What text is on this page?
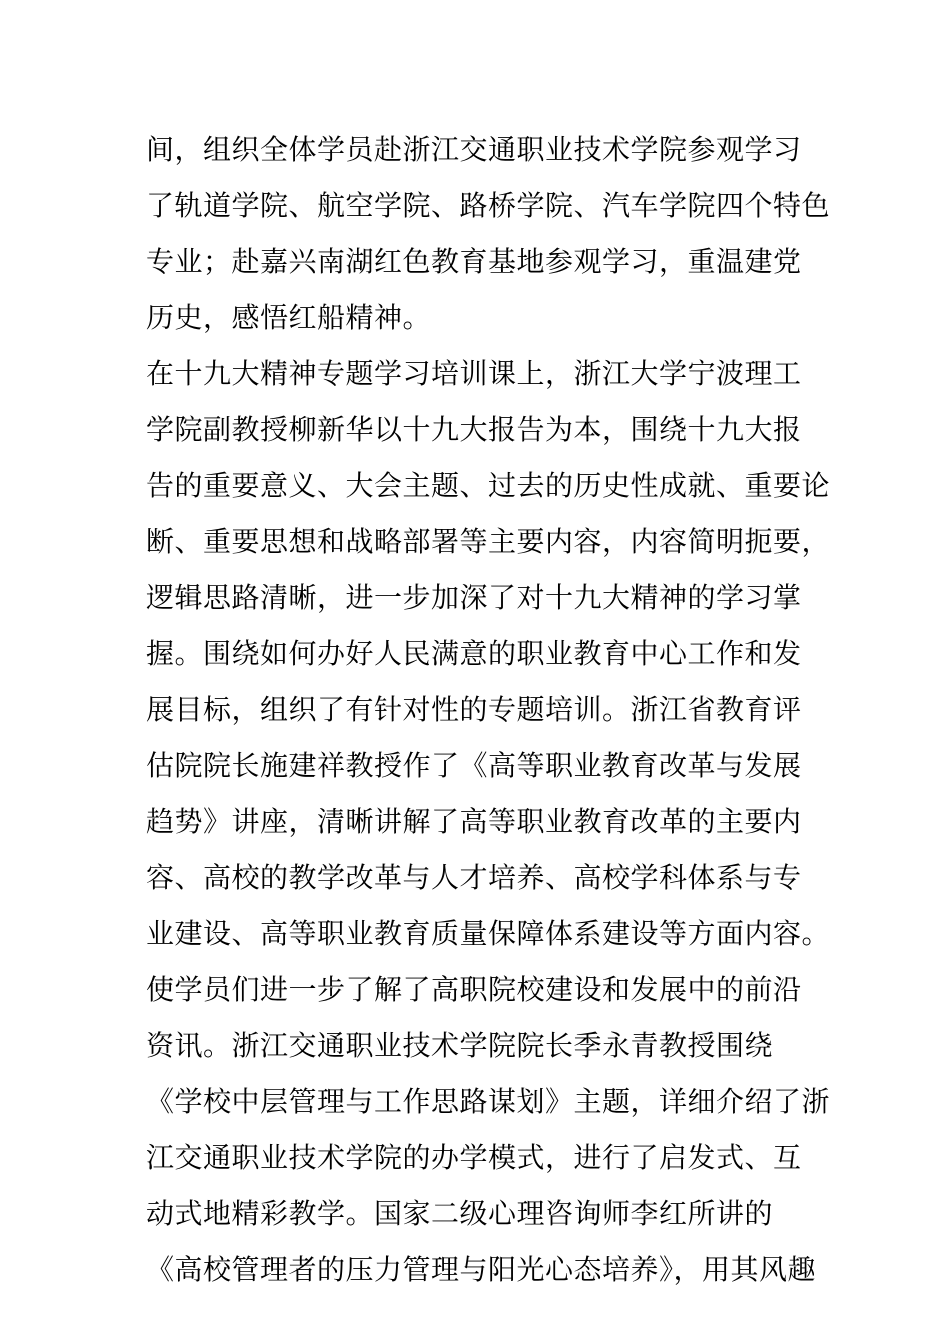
间，组织全体学员赴浙江交通职业技术学院参观学习
了轨道学院、航空学院、路桥学院、汽车学院四个特色
专业；赴嘉兴南湖红色教育基地参观学习，重温建党
历史，感悟红船精神。
在十九大精神专题学习培训课上，浙江大学宁波理工
学院副教授柳新华以十九大报告为本，围绕十九大报
告的重要意义、大会主题、过去的历史性成就、重要论
断、重要思想和战略部署等主要内容，内容简明扼要，
逻辑思路清晰，进一步加深了对十九大精神的学习掌
握。围绕如何办好人民满意的职业教育中心工作和发
展目标，组织了有针对性的专题培训。浙江省教育评
估院院长施建祥教授作了《高等职业教育改革与发展
趋势》讲座，清晰讲解了高等职业教育改革的主要内
容、高校的教学改革与人才培养、高校学科体系与专
业建设、高等职业教育质量保障体系建设等方面内容。
使学员们进一步了解了高职院校建设和发展中的前沿
资讯。浙江交通职业技术学院院长季永青教授围绕
《学校中层管理与工作思路谋划》主题，详细介绍了浙
江交通职业技术学院的办学模式，进行了启发式、互
动式地精彩教学。国家二级心理咨询师李红所讲的
《高校管理者的压力管理与阳光心态培养》，用其风趣
